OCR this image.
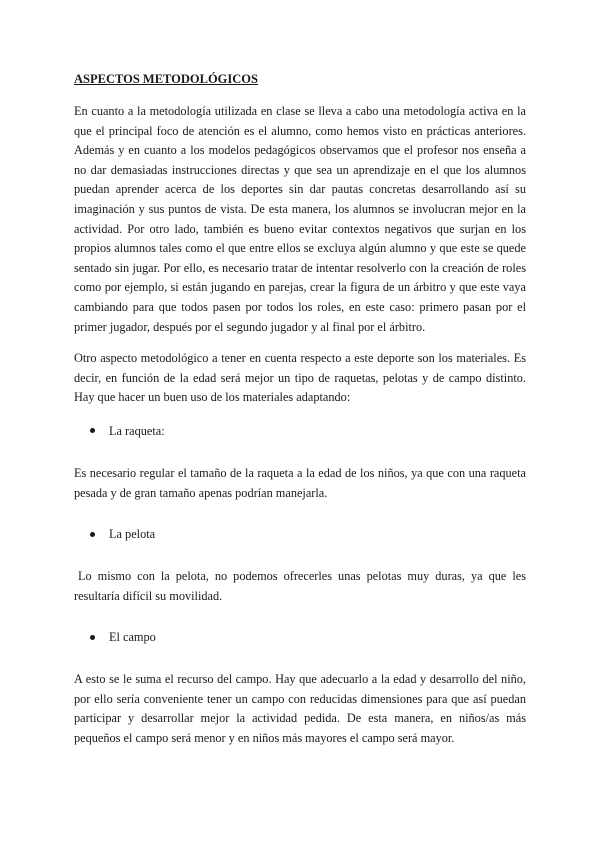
ASPECTOS METODOLÓGICOS

En cuanto a la metodología utilizada en clase se lleva a cabo una metodología activa en la que el principal foco de atención es el alumno, como hemos visto en prácticas anteriores. Además y en cuanto a los modelos pedagógicos observamos que el profesor nos enseña a no dar demasiadas instrucciones directas y que sea un aprendizaje en el que los alumnos puedan aprender acerca de los deportes sin dar pautas concretas desarrollando así su imaginación y sus puntos de vista. De esta manera, los alumnos se involucran mejor en la actividad. Por otro lado, también es bueno evitar contextos negativos que surjan en los propios alumnos tales como el que entre ellos se excluya algún alumno y que este se quede sentado sin jugar. Por ello, es necesario tratar de intentar resolverlo con la creación de roles como por ejemplo, si están jugando en parejas, crear la figura de un árbitro y que este vaya cambiando para que todos pasen por todos los roles, en este caso: primero pasan por el primer jugador, después por el segundo jugador y al final por el árbitro.

Otro aspecto metodológico a tener en cuenta respecto a este deporte son los materiales. Es decir, en función de la edad será mejor un tipo de raquetas, pelotas y de campo distinto. Hay que hacer un buen uso de los materiales adaptando:

La raqueta:

Es necesario regular el tamaño de la raqueta a la edad de los niños, ya que con una raqueta pesada y de gran tamaño apenas podrían manejarla.

La pelota

Lo mismo con la pelota, no podemos ofrecerles unas pelotas muy duras, ya que les resultaría difícil su movilidad.

El campo

A esto se le suma el recurso del campo. Hay que adecuarlo a la edad y desarrollo del niño, por ello sería conveniente tener un campo con reducidas dimensiones para que así puedan participar y desarrollar mejor la actividad pedida. De esta manera, en niños/as más pequeños el campo será menor y en niños más mayores el campo será mayor.
